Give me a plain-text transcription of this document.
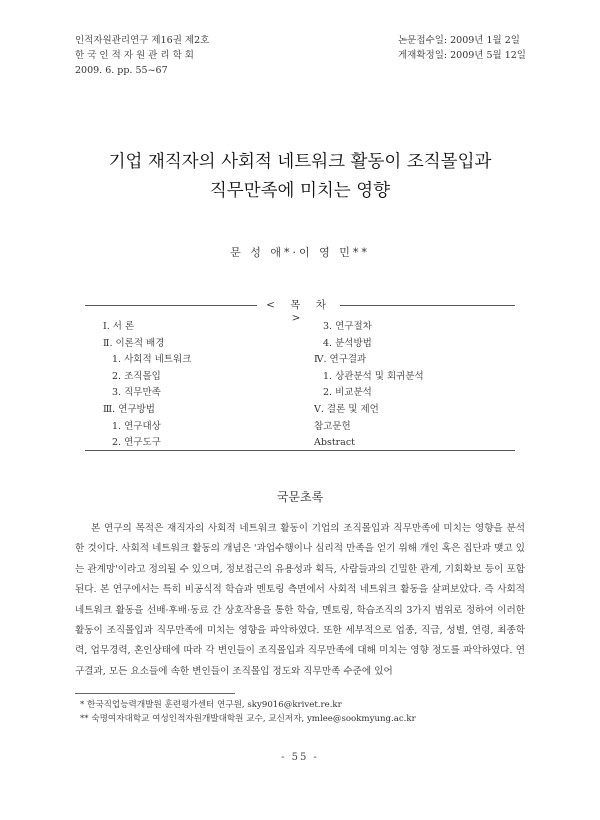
인적자원관리연구 제16권 제2호
한 국 인 적 자 원 관 리 학 회
2009. 6. pp. 55~67
논문접수일: 2009년 1월 2일
게재확정일: 2009년 5월 12일
기업 재직자의 사회적 네트워크 활동이 조직몰입과
직무만족에 미치는 영향
문 성 애*·이 영 민**
< 목 차 >
Ⅰ. 서 론
Ⅱ. 이론적 배경
1. 사회적 네트워크
2. 조직몰입
3. 직무만족
Ⅲ. 연구방법
1. 연구대상
2. 연구도구
3. 연구절차
4. 분석방법
Ⅳ. 연구결과
1. 상관분석 및 회귀분석
2. 비교분석
Ⅴ. 결론 및 제언
참고문헌
Abstract
국문초록

본 연구의 목적은 재직자의 사회적 네트워크 활동이 기업의 조직몰입과 직무만족에 미치는 영향을 분석한 것이다. 사회적 네트워크 활동의 개념은 '과업수행이나 심리적 만족을 얻기 위해 개인 혹은 집단과 맺고 있는 관계망'이라고 정의될 수 있으며, 정보접근의 유용성과 획득, 사람들과의 긴밀한 관계, 기회확보 등이 포함된다. 본 연구에서는 특히 비공식적 학습과 멘토링 측면에서 사회적 네트워크 활동을 살펴보았다. 즉 사회적 네트워크 활동을 선배·후배·동료 간 상호작용을 통한 학습, 멘토링, 학습조직의 3가지 범위로 정하여 이러한 활동이 조직몰입과 직무만족에 미치는 영향을 파악하였다. 또한 세부적으로 업종, 직급, 성별, 연령, 최종학력, 업무경력, 혼인상태에 따라 각 변인들이 조직몰입과 직무만족에 대해 미치는 영향 정도를 파악하였다. 연구결과, 모든 요소들에 속한 변인들이 조직몰입 정도와 직무만족 수준에 있어

* 한국직업능력개발원 훈련평가센터 연구원, sky9016@krivet.re.kr
** 숙명여자대학교 여성인적자원개발대학원 교수, 교신저자, ymlee@sookmyung.ac.kr
- 55 -
